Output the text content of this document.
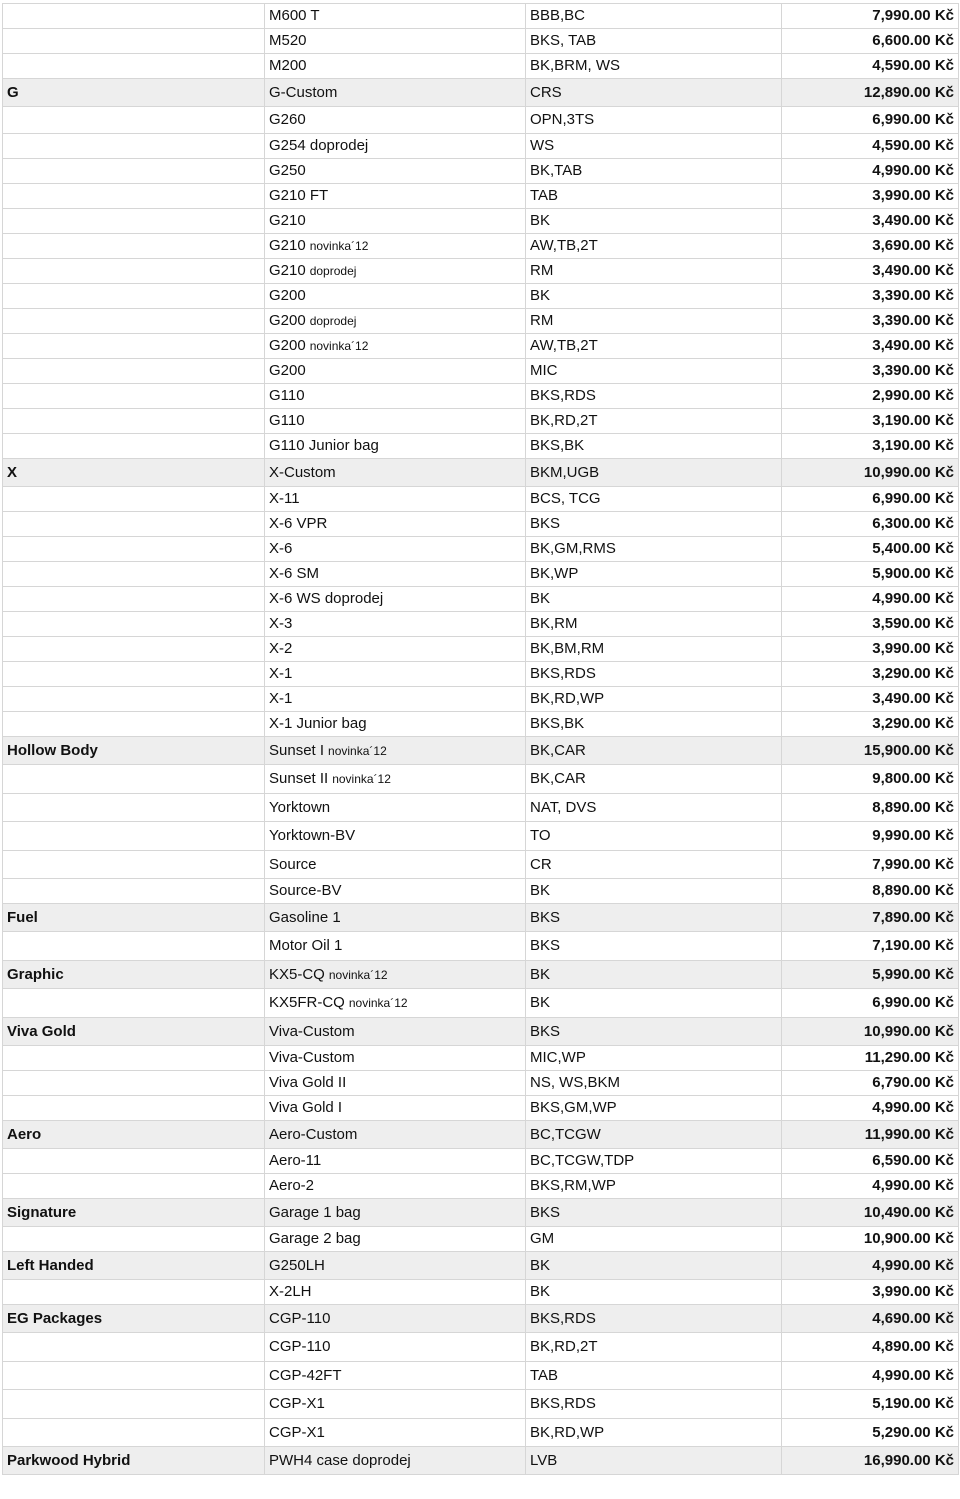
	M600 T	BBB,BC	7,990.00 Kč
	M520	BKS, TAB	6,600.00 Kč
	M200	BK,BRM, WS	4,590.00 Kč
G	G-Custom	CRS	12,890.00 Kč
	G260	OPN,3TS	6,990.00 Kč
	G254 doprodej	WS	4,590.00 Kč
	G250	BK,TAB	4,990.00 Kč
	G210 FT	TAB	3,990.00 Kč
	G210	BK	3,490.00 Kč
	G210 novinka´12	AW,TB,2T	3,690.00 Kč
	G210 doprodej	RM	3,490.00 Kč
	G200	BK	3,390.00 Kč
	G200 doprodej	RM	3,390.00 Kč
	G200 novinka´12	AW,TB,2T	3,490.00 Kč
	G200	MIC	3,390.00 Kč
	G110	BKS,RDS	2,990.00 Kč
	G110	BK,RD,2T	3,190.00 Kč
	G110 Junior bag	BKS,BK	3,190.00 Kč
X	X-Custom	BKM,UGB	10,990.00 Kč
	X-11	BCS, TCG	6,990.00 Kč
	X-6 VPR	BKS	6,300.00 Kč
	X-6	BK,GM,RMS	5,400.00 Kč
	X-6 SM	BK,WP	5,900.00 Kč
	X-6 WS doprodej	BK	4,990.00 Kč
	X-3	BK,RM	3,590.00 Kč
	X-2	BK,BM,RM	3,990.00 Kč
	X-1	BKS,RDS	3,290.00 Kč
	X-1	BK,RD,WP	3,490.00 Kč
	X-1 Junior bag	BKS,BK	3,290.00 Kč
Hollow Body	Sunset I novinka´12	BK,CAR	15,900.00 Kč
	Sunset II novinka´12	BK,CAR	9,800.00 Kč
	Yorktown	NAT, DVS	8,890.00 Kč
	Yorktown-BV	TO	9,990.00 Kč
	Source	CR	7,990.00 Kč
	Source-BV	BK	8,890.00 Kč
Fuel	Gasoline 1	BKS	7,890.00 Kč
	Motor Oil 1	BKS	7,190.00 Kč
Graphic	KX5-CQ novinka´12	BK	5,990.00 Kč
	KX5FR-CQ novinka´12	BK	6,990.00 Kč
Viva Gold	Viva-Custom	BKS	10,990.00 Kč
	Viva-Custom	MIC,WP	11,290.00 Kč
	Viva Gold II	NS, WS,BKM	6,790.00 Kč
	Viva Gold I	BKS,GM,WP	4,990.00 Kč
Aero	Aero-Custom	BC,TCGW	11,990.00 Kč
	Aero-11	BC,TCGW,TDP	6,590.00 Kč
	Aero-2	BKS,RM,WP	4,990.00 Kč
Signature	Garage 1 bag	BKS	10,490.00 Kč
	Garage 2 bag	GM	10,900.00 Kč
Left Handed	G250LH	BK	4,990.00 Kč
	X-2LH	BK	3,990.00 Kč
EG Packages	CGP-110	BKS,RDS	4,690.00 Kč
	CGP-110	BK,RD,2T	4,890.00 Kč
	CGP-42FT	TAB	4,990.00 Kč
	CGP-X1	BKS,RDS	5,190.00 Kč
	CGP-X1	BK,RD,WP	5,290.00 Kč
Parkwood Hybrid	PWH4 case doprodej	LVB	16,990.00 Kč
